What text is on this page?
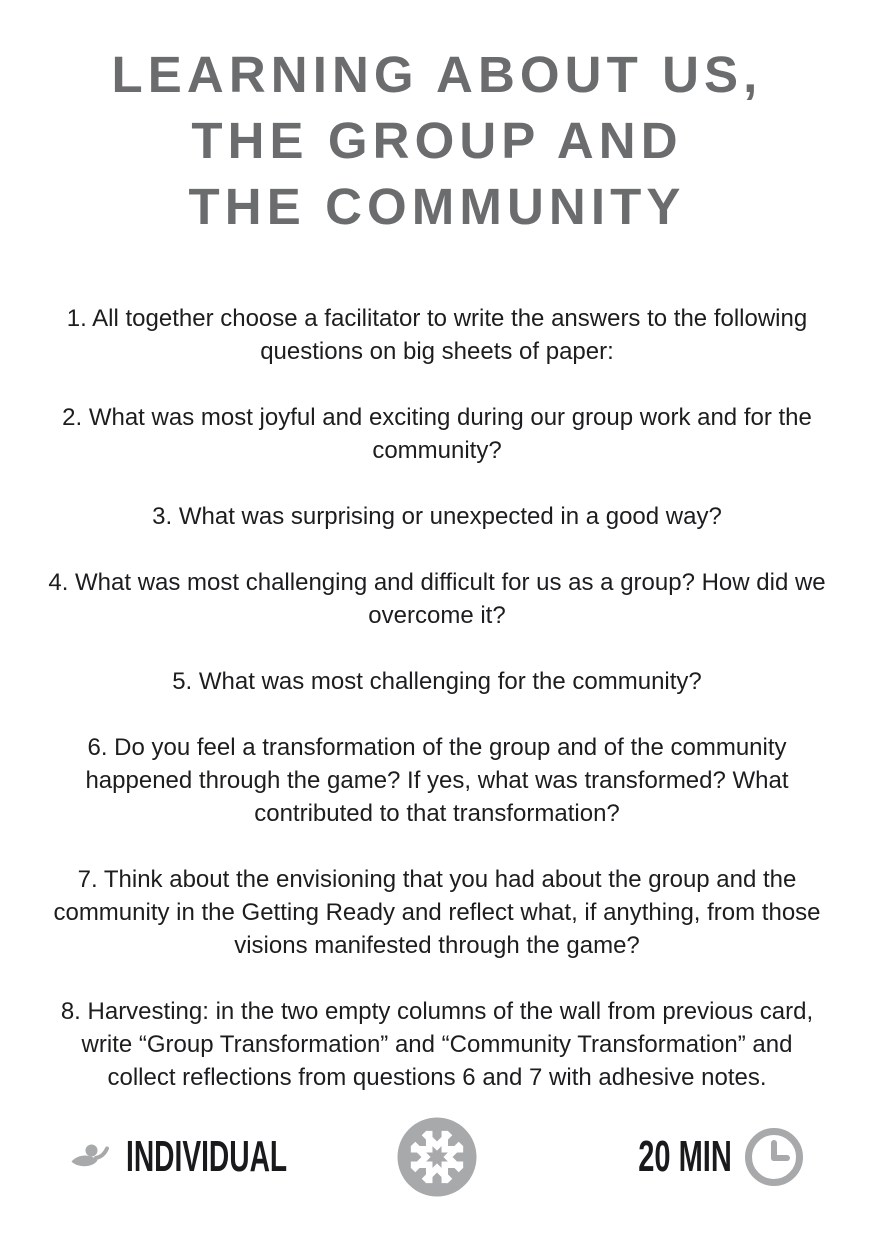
LEARNING ABOUT US,
THE GROUP AND
THE COMMUNITY

1. All together choose a facilitator to write the answers to the following questions on big sheets of paper:

2. What was most joyful and exciting during our group work and for the community?

3. What was surprising or unexpected in a good way?

4. What was most challenging and difficult for us as a group? How did we overcome it?

5. What was most challenging for the community?

6. Do you feel a transformation of the group and of the community happened through the game? If yes, what was transformed? What contributed to that transformation?

7. Think about the envisioning that you had about the group and the community in the Getting Ready and reflect what, if anything, from those visions manifested through the game?

8. Harvesting: in the two empty columns of the wall from previous card, write “Group Transformation” and “Community Transformation” and collect reflections from questions 6 and 7 with adhesive notes.

INDIVIDUAL	20 MIN
